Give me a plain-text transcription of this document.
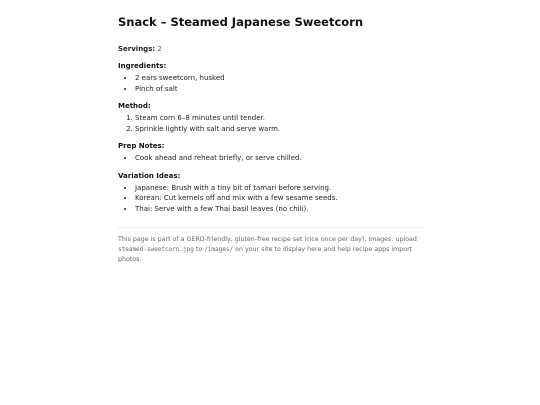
Snack – Steamed Japanese Sweetcorn
Servings: 2
Ingredients:
• 2 ears sweetcorn, husked
• Pinch of salt
Method:
1. Steam corn 6–8 minutes until tender.
2. Sprinkle lightly with salt and serve warm.
Prep Notes:
• Cook ahead and reheat briefly, or serve chilled.
Variation Ideas:
• Japanese: Brush with a tiny bit of tamari before serving.
• Korean: Cut kernels off and mix with a few sesame seeds.
• Thai: Serve with a few Thai basil leaves (no chili).
This page is part of a GERD-friendly, gluten-free recipe set (rice once per day). Images: upload steamed-sweetcorn.jpg to /images/ on your site to display here and help recipe apps import photos.
